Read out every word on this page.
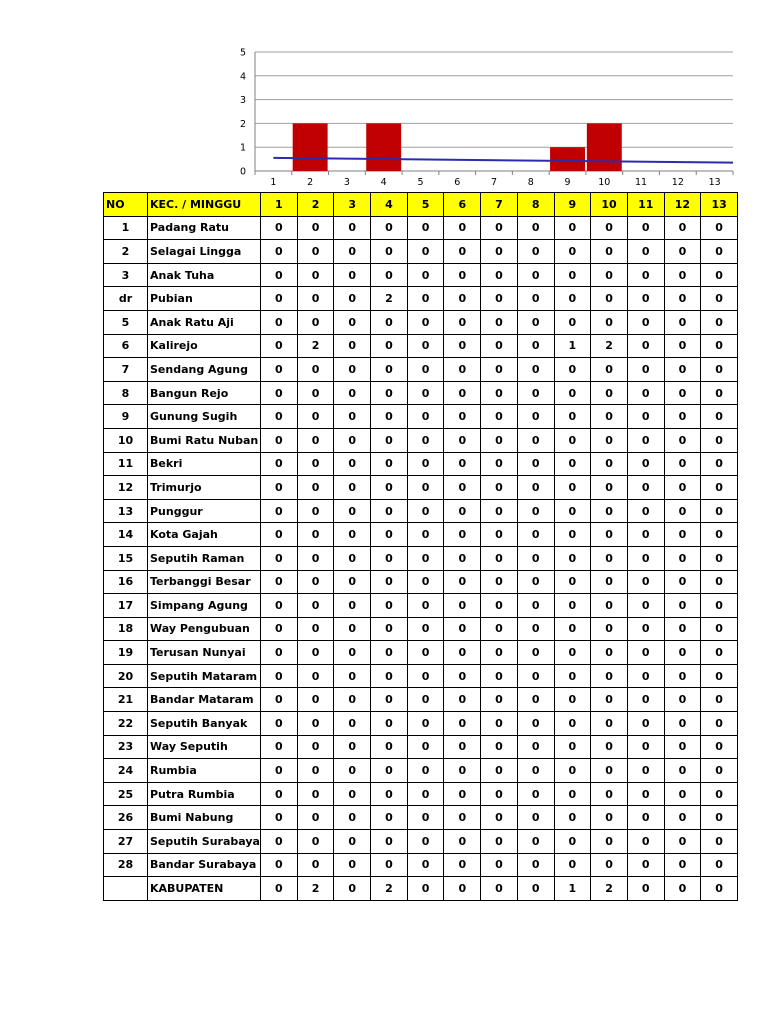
0
1
2
3
4
5
1	2	3	4	5	6	7	8	9	10	11	12	13
NO	KEC. / MINGGU	1	2	3	4	5	6	7	8	9	10	11	12	13
1	Padang Ratu	0	0	0	0	0	0	0	0	0	0	0	0	0
2	Selagai Lingga	0	0	0	0	0	0	0	0	0	0	0	0	0
3	Anak Tuha	0	0	0	0	0	0	0	0	0	0	0	0	0
dr	Pubian	0	0	0	2	0	0	0	0	0	0	0	0	0
5	Anak Ratu Aji	0	0	0	0	0	0	0	0	0	0	0	0	0
6	Kalirejo	0	2	0	0	0	0	0	0	1	2	0	0	0
7	Sendang Agung	0	0	0	0	0	0	0	0	0	0	0	0	0
8	Bangun Rejo	0	0	0	0	0	0	0	0	0	0	0	0	0
9	Gunung Sugih	0	0	0	0	0	0	0	0	0	0	0	0	0
10	Bumi Ratu Nuban	0	0	0	0	0	0	0	0	0	0	0	0	0
11	Bekri	0	0	0	0	0	0	0	0	0	0	0	0	0
12	Trimurjo	0	0	0	0	0	0	0	0	0	0	0	0	0
13	Punggur	0	0	0	0	0	0	0	0	0	0	0	0	0
14	Kota Gajah	0	0	0	0	0	0	0	0	0	0	0	0	0
15	Seputih Raman	0	0	0	0	0	0	0	0	0	0	0	0	0
16	Terbanggi Besar	0	0	0	0	0	0	0	0	0	0	0	0	0
17	Simpang Agung	0	0	0	0	0	0	0	0	0	0	0	0	0
18	Way Pengubuan	0	0	0	0	0	0	0	0	0	0	0	0	0
19	Terusan Nunyai	0	0	0	0	0	0	0	0	0	0	0	0	0
20	Seputih Mataram	0	0	0	0	0	0	0	0	0	0	0	0	0
21	Bandar Mataram	0	0	0	0	0	0	0	0	0	0	0	0	0
22	Seputih Banyak	0	0	0	0	0	0	0	0	0	0	0	0	0
23	Way Seputih	0	0	0	0	0	0	0	0	0	0	0	0	0
24	Rumbia	0	0	0	0	0	0	0	0	0	0	0	0	0
25	Putra Rumbia	0	0	0	0	0	0	0	0	0	0	0	0	0
26	Bumi Nabung	0	0	0	0	0	0	0	0	0	0	0	0	0
27	Seputih Surabaya	0	0	0	0	0	0	0	0	0	0	0	0	0
28	Bandar Surabaya	0	0	0	0	0	0	0	0	0	0	0	0	0
	KABUPATEN	0	2	0	2	0	0	0	0	1	2	0	0	0
